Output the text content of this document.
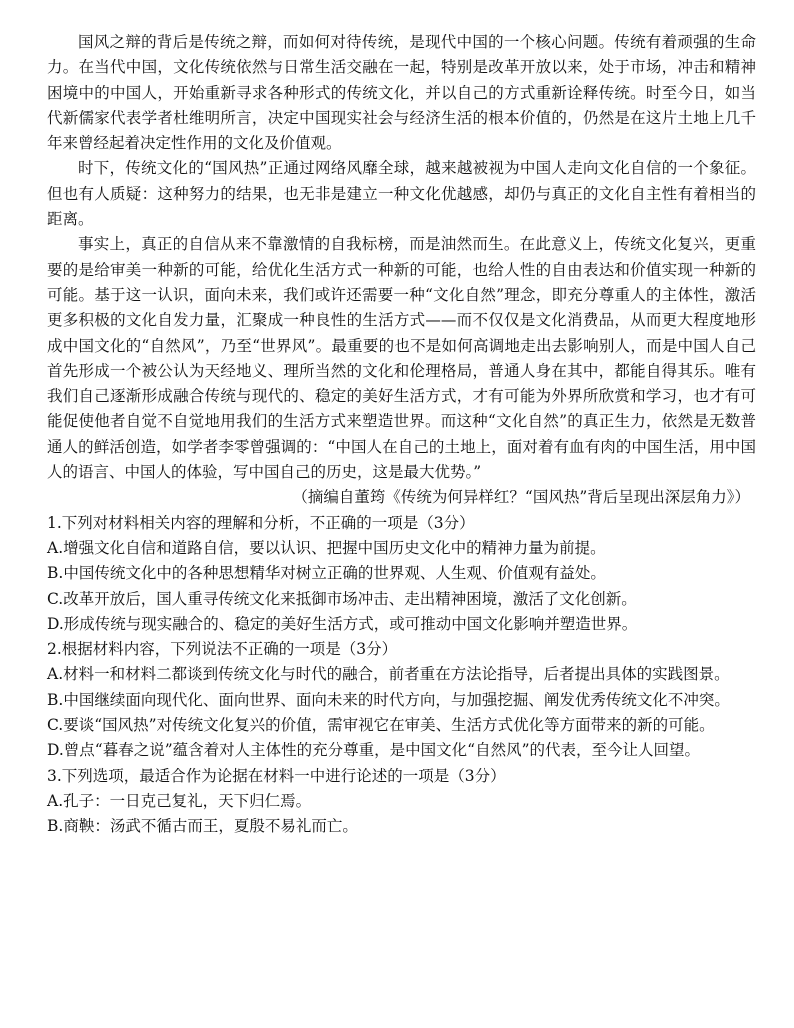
国风之辩的背后是传统之辩，而如何对待传统，是现代中国的一个核心问题。传统有着顽强的生命力。在当代中国，文化传统依然与日常生活交融在一起，特别是改革开放以来，处于市场，冲击和精神困境中的中国人，开始重新寻求各种形式的传统文化，并以自己的方式重新诠释传统。时至今日，如当代新儒家代表学者杜维明所言，决定中国现实社会与经济生活的根本价值的，仍然是在这片土地上几千年来曾经起着决定性作用的文化及价值观。

时下，传统文化的“国风热”正通过网络风靡全球，越来越被视为中国人走向文化自信的一个象征。但也有人质疑：这种努力的结果，也无非是建立一种文化优越感，却仍与真正的文化自主性有着相当的距离。

事实上，真正的自信从来不靠激情的自我标榜，而是油然而生。在此意义上，传统文化复兴，更重要的是给审美一种新的可能，给优化生活方式一种新的可能，也给人性的自由表达和价值实现一种新的可能。基于这一认识，面向未来，我们或许还需要一种“文化自然”理念，即充分尊重人的主体性，激活更多积极的文化自发力量，汇聚成一种良性的生活方式——而不仅仅是文化消费品，从而更大程度地形成中国文化的“自然风”，乃至“世界风”。最重要的也不是如何高调地走出去影响别人，而是中国人自己首先形成一个被公认为天经地义、理所当然的文化和伦理格局，普通人身在其中，都能自得其乐。唯有我们自己逐渐形成融合传统与现代的、稳定的美好生活方式，才有可能为外界所欣赏和学习，也才有可能促使他者自觉不自觉地用我们的生活方式来塑造世界。而这种“文化自然”的真正生力，依然是无数普通人的鲜活创造，如学者李零曾强调的：“中国人在自己的土地上，面对着有血有肉的中国生活，用中国人的语言、中国人的体验，写中国自己的历史，这是最大优势。”

（摘编自董筠《传统为何异样红？“国风热”背后呈现出深层角力》）

1.下列对材料相关内容的理解和分析，不正确的一项是（3分）

A.增强文化自信和道路自信，要以认识、把握中国历史文化中的精神力量为前提。

B.中国传统文化中的各种思想精华对树立正确的世界观、人生观、价值观有益处。

C.改革开放后，国人重寻传统文化来抵御市场冲击、走出精神困境，激活了文化创新。

D.形成传统与现实融合的、稳定的美好生活方式，或可推动中国文化影响并塑造世界。

2.根据材料内容，下列说法不正确的一项是（3分）

A.材料一和材料二都谈到传统文化与时代的融合，前者重在方法论指导，后者提出具体的实践图景。

B.中国继续面向现代化、面向世界、面向未来的时代方向，与加强挖掘、阐发优秀传统文化不冲突。

C.要谈“国风热”对传统文化复兴的价值，需审视它在审美、生活方式优化等方面带来的新的可能。

D.曾点“暮春之说”蕴含着对人主体性的充分尊重，是中国文化“自然风”的代表，至今让人回望。

3.下列选项，最适合作为论据在材料一中进行论述的一项是（3分）

A.孔子：一日克己复礼，天下归仁焉。

B.商鞅：汤武不循古而王，夏殷不易礼而亡。
